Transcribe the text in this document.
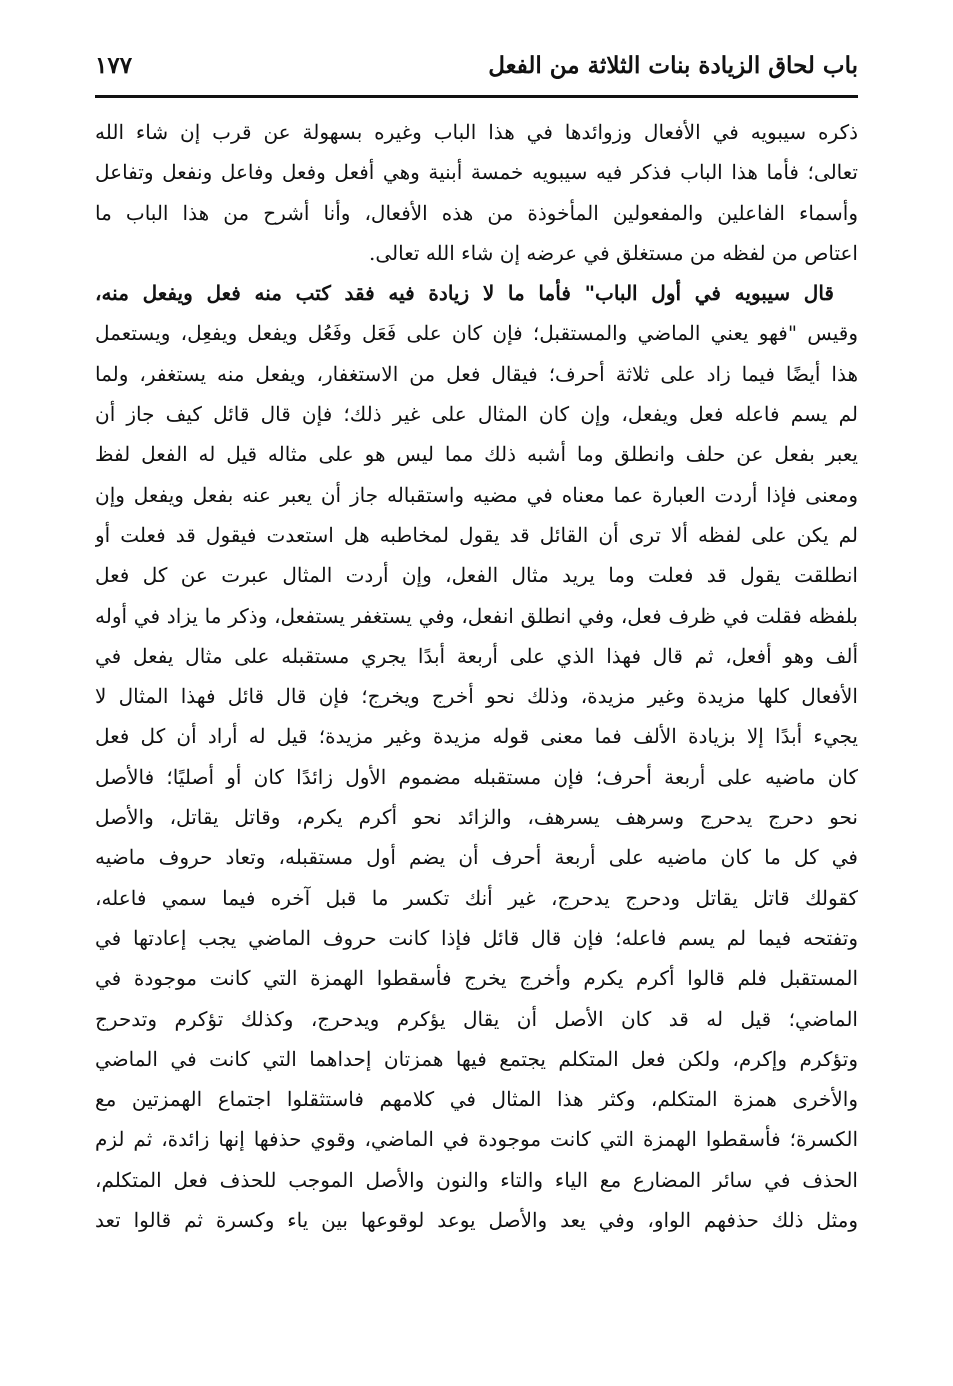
باب لحاق الزيادة بنات الثلاثة من الفعل
١٧٧
ذكره سيبويه في الأفعال وزوائدها في هذا الباب وغيره بسهولة عن قرب إن شاء الله
تعالى؛ فأما هذا الباب فذكر فيه سيبويه خمسة أبنية وهي أفعل وفعل وفاعل ونفعل وتفاعل
وأسماء الفاعلين والمفعولين المأخوذة من هذه الأفعال، وأنا أشرح من هذا الباب ما
اعتاص من لفظه من مستغلق في عرضه إن شاء الله تعالى.
قال سيبويه في أول الباب" فأما ما لا زيادة فيه فقد كتب منه فعل ويفعل منه،
وقيس "فهو يعني الماضي والمستقبل؛ فإن كان على فَعَل وفَعُل ويفعل ويفعِل، ويستعمل
هذا أيضًا فيما زاد على ثلاثة أحرف؛ فيقال فعل من الاستغفار، ويفعل منه يستغفر، ولما
لم يسم فاعله فعل ويفعل، وإن كان المثال على غير ذلك؛ فإن قال قائل كيف جاز أن
يعبر بفعل عن حلف وانطلق وما أشبه ذلك مما ليس هو على مثاله قيل له الفعل لفظ
ومعنى فإذا أردت العبارة عما معناه في مضيه واستقباله جاز أن يعبر عنه بفعل ويفعل وإن
لم يكن على لفظه ألا ترى أن القائل قد يقول لمخاطبه هل استعدت فيقول قد فعلت أو
انطلقت يقول قد فعلت وما يريد مثال الفعل، وإن أردت المثال عبرت عن كل فعل
بلفظه فقلت في ظرف فعل، وفي انطلق انفعل، وفي يستغفر يستفعل، وذكر ما يزاد في أوله
ألف وهو أفعل، ثم قال فهذا الذي على أربعة أبدًا يجري مستقبله على مثال يفعل في
الأفعال كلها مزيدة وغير مزيدة، وذلك نحو أخرج ويخرج؛ فإن قال قائل فهذا المثال لا
يجيء أبدًا إلا بزيادة الألف فما معنى قوله مزيدة وغير مزيدة؛ قيل له أراد أن كل فعل
كان ماضيه على أربعة أحرف؛ فإن مستقبله مضموم الأول زائدًا كان أو أصليًا؛ فالأصل
نحو دحرج يدحرج وسرهف يسرهف، والزائد نحو أكرم يكرم، وقاتل يقاتل، والأصل
في كل ما كان ماضيه على أربعة أحرف أن يضم أول مستقبله، وتعاد حروف ماضيه
كقولك قاتل يقاتل ودحرج يدحرج، غير أنك تكسر ما قبل آخره فيما سمي فاعله،
وتفتحه فيما لم يسم فاعله؛ فإن قال قائل فإذا كانت حروف الماضي يجب إعادتها في
المستقبل فلم قالوا أكرم يكرم وأخرج يخرج فأسقطوا الهمزة التي كانت موجودة في
الماضي؛ قيل له قد كان الأصل أن يقال يؤكرم ويدحرج، وكذلك تؤكرم وتدحرج
وتؤكرم وإكرم، ولكن فعل المتكلم يجتمع فيها همزتان إحداهما التي كانت في الماضي
والأخرى همزة المتكلم، وكثر هذا المثال في كلامهم فاستثقلوا اجتماع الهمزتين مع
الكسرة؛ فأسقطوا الهمزة التي كانت موجودة في الماضي، وقوي حذفها إنها زائدة، ثم لزم
الحذف في سائر المضارع مع الياء والتاء والنون والأصل الموجب للحذف فعل المتكلم،
ومثل ذلك حذفهم الواو، وفي يعد والأصل يوعد لوقوعها بين ياء وكسرة ثم قالوا تعد
